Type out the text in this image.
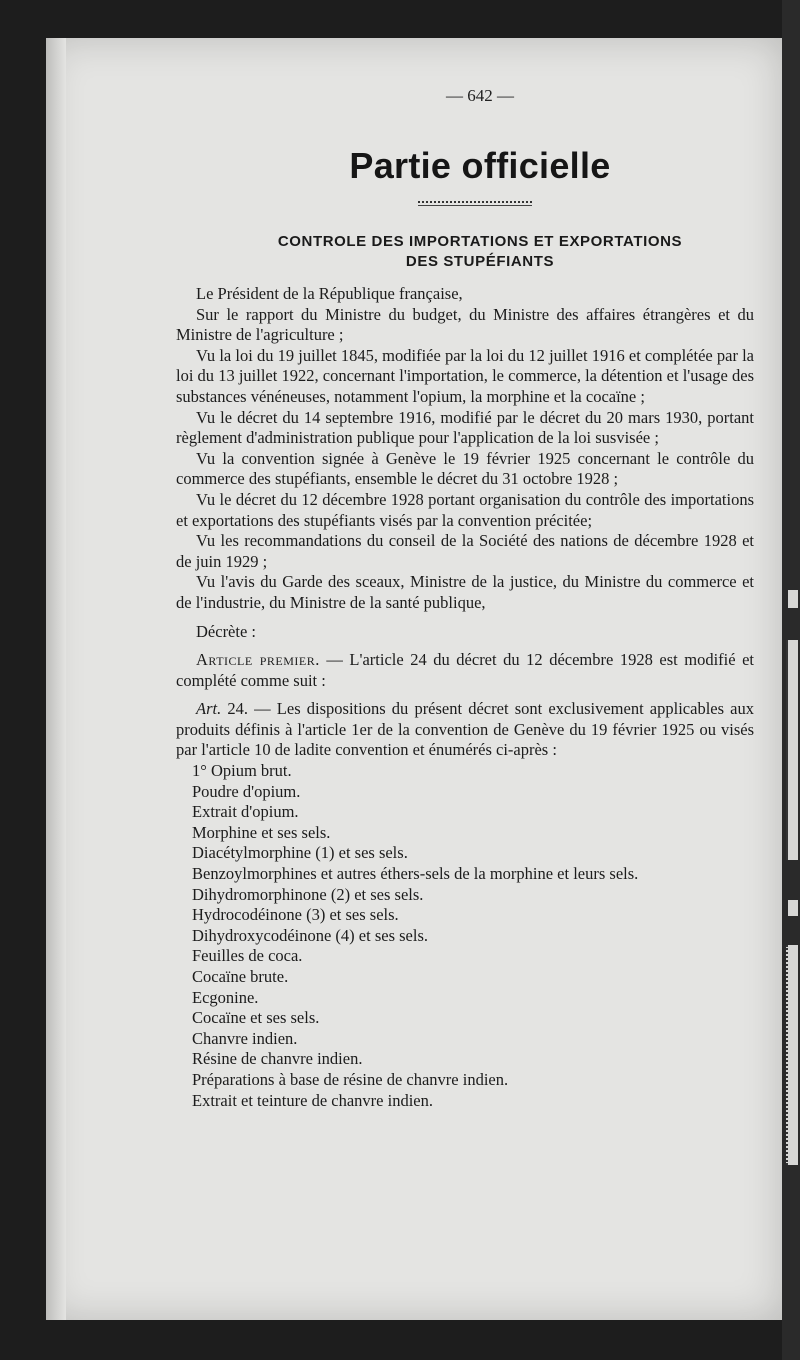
— 642 —
Partie officielle
CONTROLE DES IMPORTATIONS ET EXPORTATIONS
DES STUPÉFIANTS

Le Président de la République française,

Sur le rapport du Ministre du budget, du Ministre des affaires étrangères et du Ministre de l'agriculture ;

Vu la loi du 19 juillet 1845, modifiée par la loi du 12 juillet 1916 et complétée par la loi du 13 juillet 1922, concernant l'importation, le commerce, la détention et l'usage des substances vénéneuses, notamment l'opium, la morphine et la cocaïne ;

Vu le décret du 14 septembre 1916, modifié par le décret du 20 mars 1930, portant règlement d'administration publique pour l'application de la loi susvisée ;

Vu la convention signée à Genève le 19 février 1925 concernant le contrôle du commerce des stupéfiants, ensemble le décret du 31 octobre 1928 ;

Vu le décret du 12 décembre 1928 portant organisation du contrôle des importations et exportations des stupéfiants visés par la convention précitée;

Vu les recommandations du conseil de la Société des nations de décembre 1928 et de juin 1929 ;

Vu l'avis du Garde des sceaux, Ministre de la justice, du Ministre du commerce et de l'industrie, du Ministre de la santé publique,

Décrète :

Article premier. — L'article 24 du décret du 12 décembre 1928 est modifié et complété comme suit :

Art. 24. — Les dispositions du présent décret sont exclusivement applicables aux produits définis à l'article 1er de la convention de Genève du 19 février 1925 ou visés par l'article 10 de ladite convention et énumérés ci-après :

1° Opium brut.
Poudre d'opium.
Extrait d'opium.
Morphine et ses sels.
Diacétylmorphine (1) et ses sels.
Benzoylmorphines et autres éthers-sels de la morphine et leurs sels.
Dihydromorphinone (2) et ses sels.
Hydrocodéinone (3) et ses sels.
Dihydroxycodéinone (4) et ses sels.
Feuilles de coca.
Cocaïne brute.
Ecgonine.
Cocaïne et ses sels.
Chanvre indien.
Résine de chanvre indien.
Préparations à base de résine de chanvre indien.
Extrait et teinture de chanvre indien.
